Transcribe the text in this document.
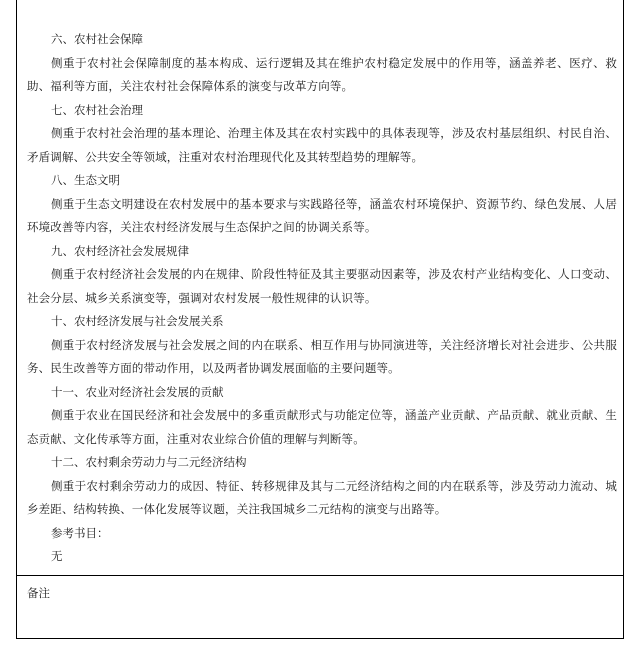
六、农村社会保障
侧重于农村社会保障制度的基本构成、运行逻辑及其在维护农村稳定发展中的作用等，涵盖养老、医疗、救助、福利等方面，关注农村社会保障体系的演变与改革方向等。
七、农村社会治理
侧重于农村社会治理的基本理论、治理主体及其在农村实践中的具体表现等，涉及农村基层组织、村民自治、矛盾调解、公共安全等领域，注重对农村治理现代化及其转型趋势的理解等。
八、生态文明
侧重于生态文明建设在农村发展中的基本要求与实践路径等，涵盖农村环境保护、资源节约、绿色发展、人居环境改善等内容，关注农村经济发展与生态保护之间的协调关系等。
九、农村经济社会发展规律
侧重于农村经济社会发展的内在规律、阶段性特征及其主要驱动因素等，涉及农村产业结构变化、人口变动、社会分层、城乡关系演变等，强调对农村发展一般性规律的认识等。
十、农村经济发展与社会发展关系
侧重于农村经济发展与社会发展之间的内在联系、相互作用与协同演进等，关注经济增长对社会进步、公共服务、民生改善等方面的带动作用，以及两者协调发展面临的主要问题等。
十一、农业对经济社会发展的贡献
侧重于农业在国民经济和社会发展中的多重贡献形式与功能定位等，涵盖产业贡献、产品贡献、就业贡献、生态贡献、文化传承等方面，注重对农业综合价值的理解与判断等。
十二、农村剩余劳动力与二元经济结构
侧重于农村剩余劳动力的成因、特征、转移规律及其与二元经济结构之间的内在联系等，涉及劳动力流动、城乡差距、结构转换、一体化发展等议题，关注我国城乡二元结构的演变与出路等。
参考书目：
无
备注
